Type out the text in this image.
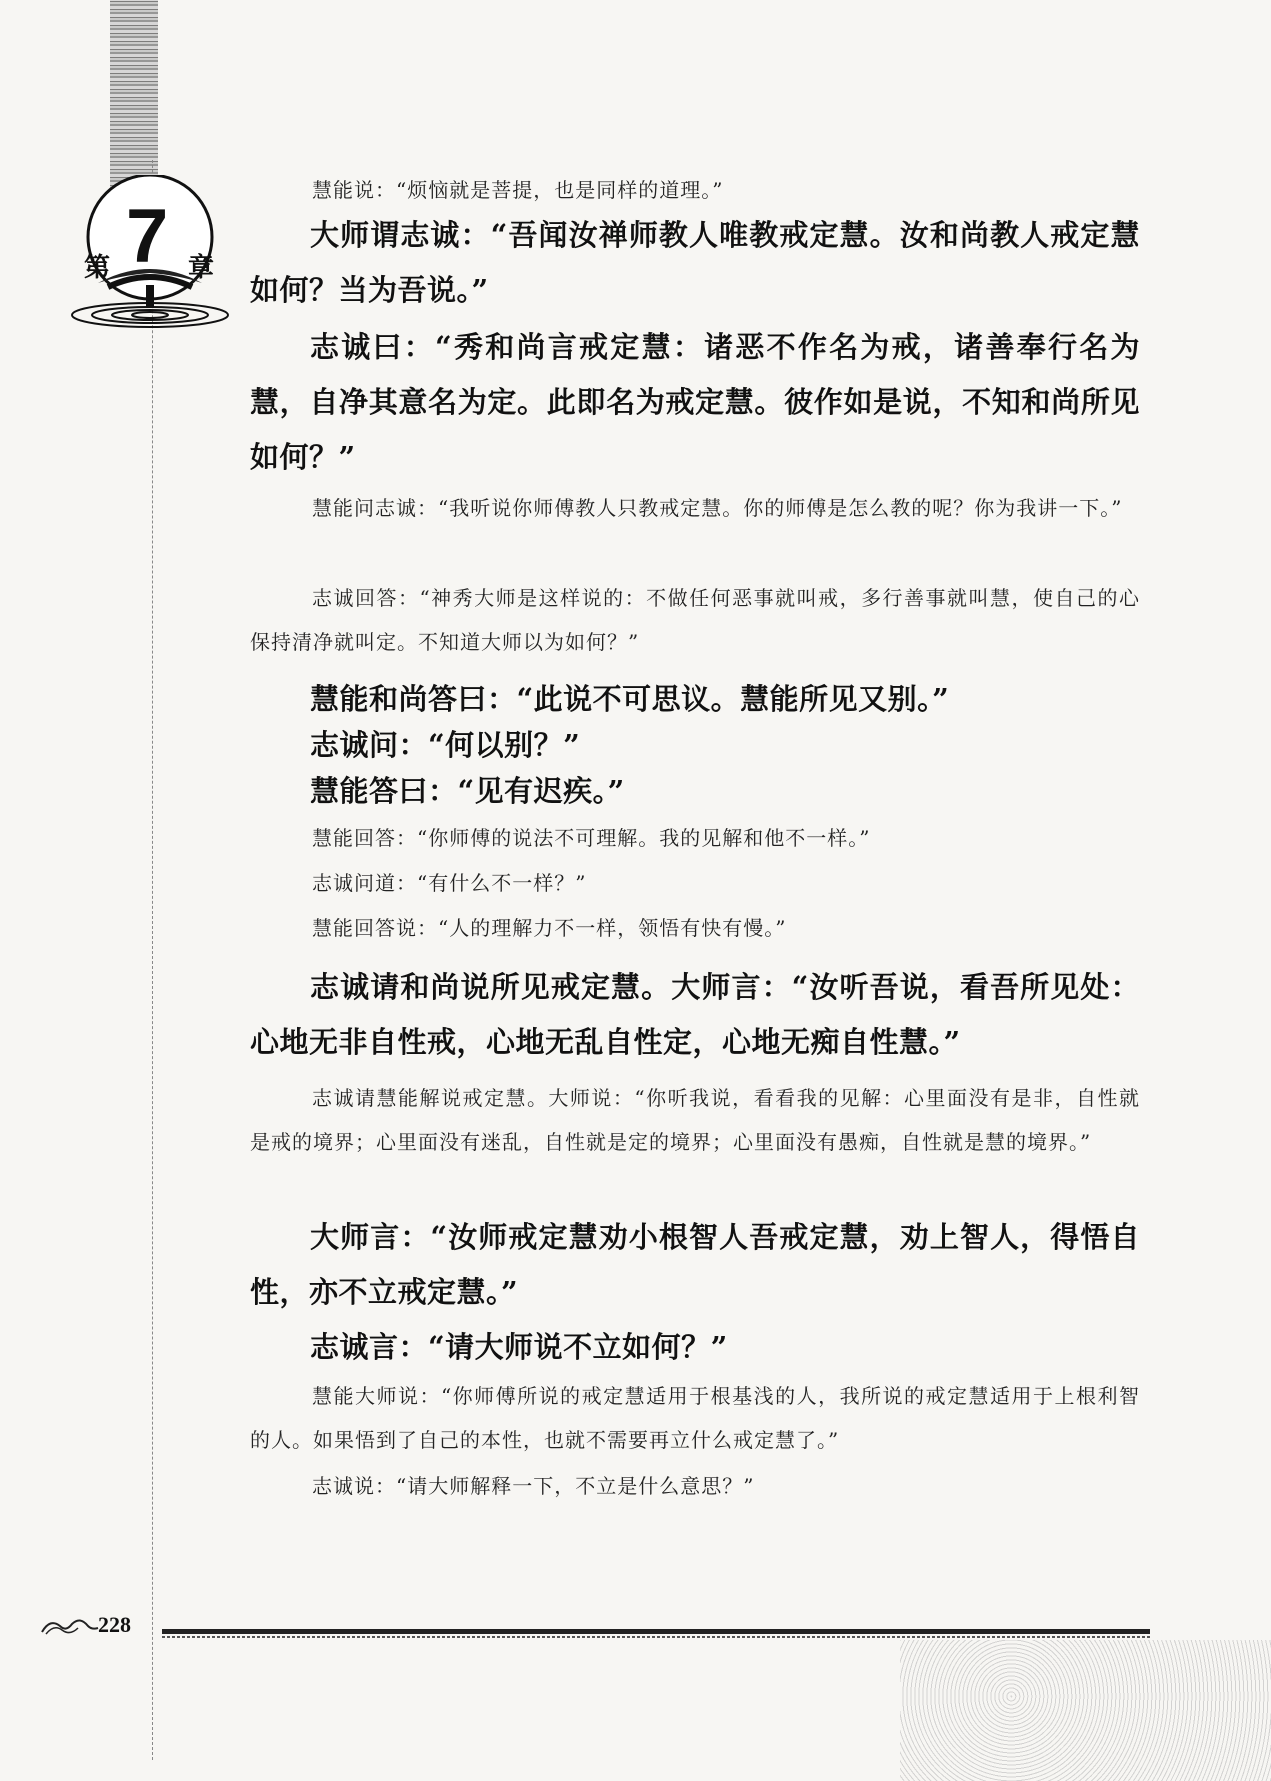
第 7 章

慧能说：“烦恼就是菩提，也是同样的道理。”

大师谓志诚：“吾闻汝禅师教人唯教戒定慧。汝和尚教人戒定慧如何？当为吾说。”

志诚曰：“秀和尚言戒定慧：诸恶不作名为戒，诸善奉行名为慧，自净其意名为定。此即名为戒定慧。彼作如是说，不知和尚所见如何？”

慧能问志诚：“我听说你师傅教人只教戒定慧。你的师傅是怎么教的呢？你为我讲一下。”

志诚回答：“神秀大师是这样说的：不做任何恶事就叫戒，多行善事就叫慧，使自己的心保持清净就叫定。不知道大师以为如何？”

慧能和尚答曰：“此说不可思议。慧能所见又别。”

志诚问：“何以别？”

慧能答曰：“见有迟疾。”

慧能回答：“你师傅的说法不可理解。我的见解和他不一样。”

志诚问道：“有什么不一样？”

慧能回答说：“人的理解力不一样，领悟有快有慢。”

志诚请和尚说所见戒定慧。大师言：“汝听吾说，看吾所见处：心地无非自性戒，心地无乱自性定，心地无痴自性慧。”

志诚请慧能解说戒定慧。大师说：“你听我说，看看我的见解：心里面没有是非，自性就是戒的境界；心里面没有迷乱，自性就是定的境界；心里面没有愚痴，自性就是慧的境界。”

大师言：“汝师戒定慧劝小根智人吾戒定慧，劝上智人，得悟自性，亦不立戒定慧。”

志诚言：“请大师说不立如何？”

慧能大师说：“你师傅所说的戒定慧适用于根基浅的人，我所说的戒定慧适用于上根利智的人。如果悟到了自己的本性，也就不需要再立什么戒定慧了。”

志诚说：“请大师解释一下，不立是什么意思？”

228
